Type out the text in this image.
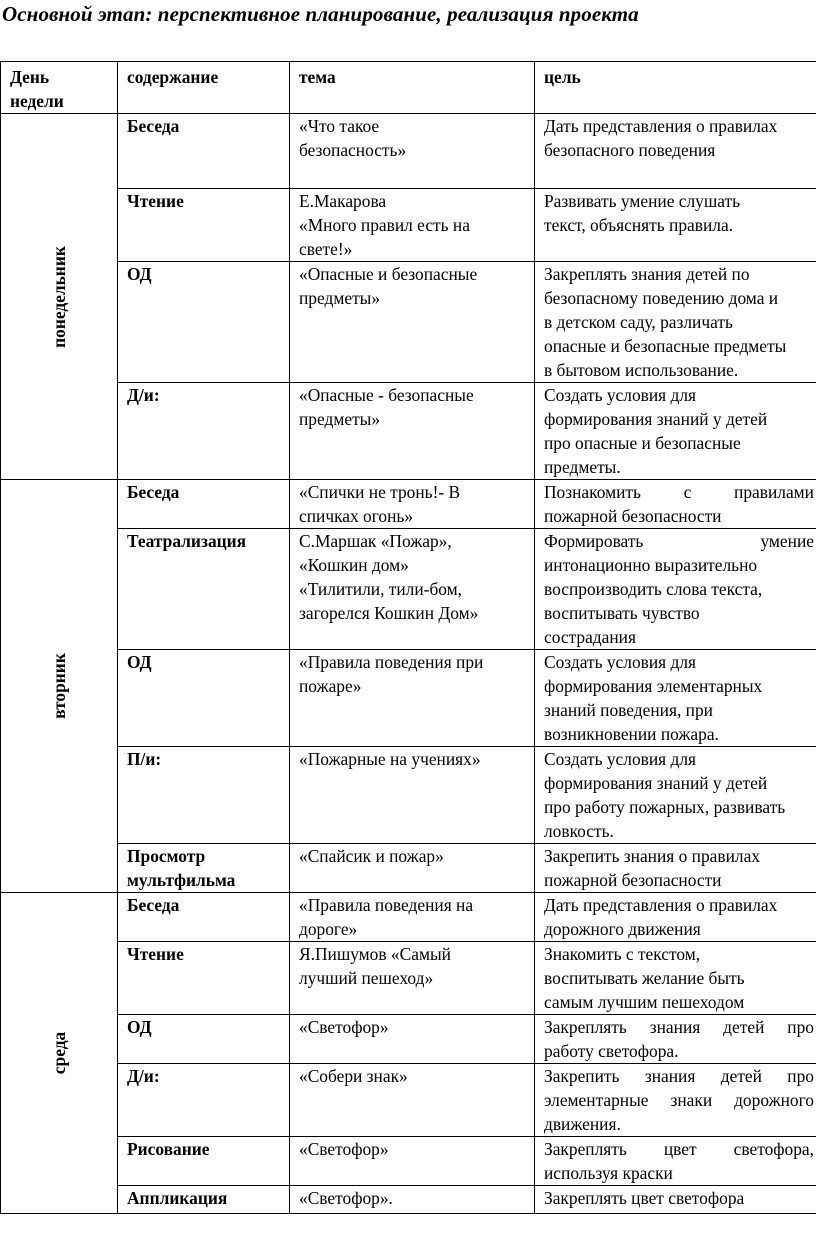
Основной этап: перспективное планирование, реализация проекта
День
недели	содержание	тема	цель

понедельник	Беседа	«Что такое
безопасность»	Дать представления о правилах
безопасного поведения

	Чтение	Е.Макарова
«Много правил есть на
свете!»	Развивать умение слушать
текст, объяснять правила.

	ОД	«Опасные и безопасные
предметы»	Закреплять знания детей по
безопасному поведению дома и
в детском саду, различать
опасные и безопасные предметы
в бытовом использование.

	Д/и:	«Опасные - безопасные
предметы»	Создать условия для
формирования знаний у детей
про опасные и безопасные
предметы.

вторник	Беседа	«Спички не тронь!- В
спичках огонь»	Познакомить с правилами
пожарной безопасности

	Театрализация	С.Маршак «Пожар»,
«Кошкин дом»
«Тилитили, тили-бом,
загорелся Кошкин Дом»	Формировать умение
интонационно выразительно
воспроизводить слова текста,
воспитывать чувство
сострадания

	ОД	«Правила поведения при
пожаре»	Создать условия для
формирования элементарных
знаний поведения, при
возникновении пожара.

	П/и:	«Пожарные на учениях»	Создать условия для
формирования знаний у детей
про работу пожарных, развивать
ловкость.

	Просмотр
мультфильма	«Спайсик и пожар»	Закрепить знания о правилах
пожарной безопасности

среда	Беседа	«Правила поведения на
дороге»	Дать представления о правилах
дорожного движения

	Чтение	Я.Пишумов «Самый
лучший пешеход»	Знакомить с текстом,
воспитывать желание быть
самым лучшим пешеходом

	ОД	«Светофор»	Закреплять знания детей про
работу светофора.

	Д/и:	«Собери знак»	Закрепить знания детей про
элементарные знаки дорожного
движения.

	Рисование	«Светофор»	Закреплять цвет светофора,
используя краски

	Аппликация	«Светофор».	Закреплять цвет светофора
